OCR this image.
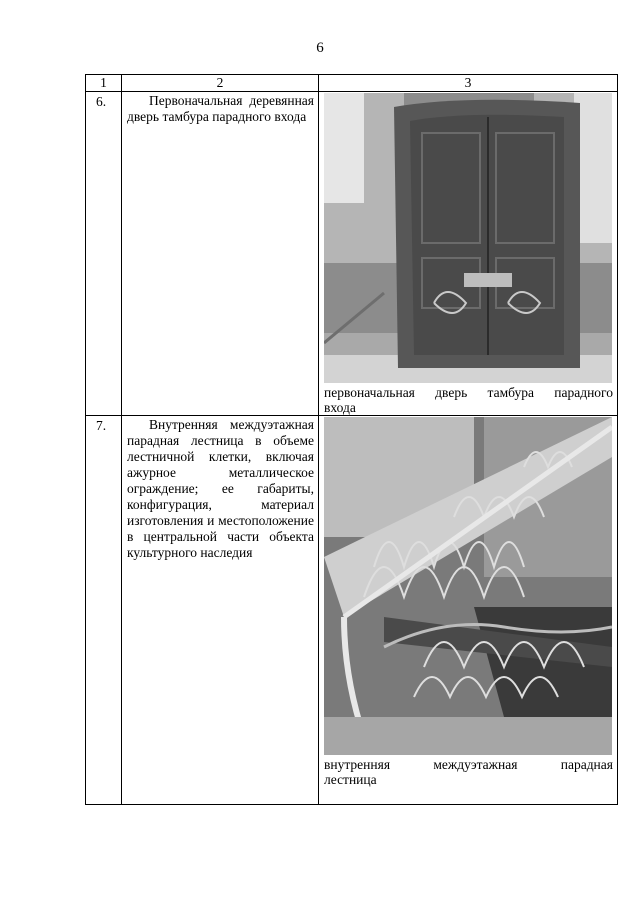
6
1	2	3
6.	Первоначальная деревянная дверь тамбура парадного входа	первоначальная дверь тамбура парадного
входа

7.	Внутренняя междуэтажная парадная лестница в объеме лестничной клетки, включая ажурное металлическое ограждение; ее габариты, конфигурация, материал изготовления и местоположение в центральной части объекта культурного наследия	внутренняя междуэтажная парадная
лестница
